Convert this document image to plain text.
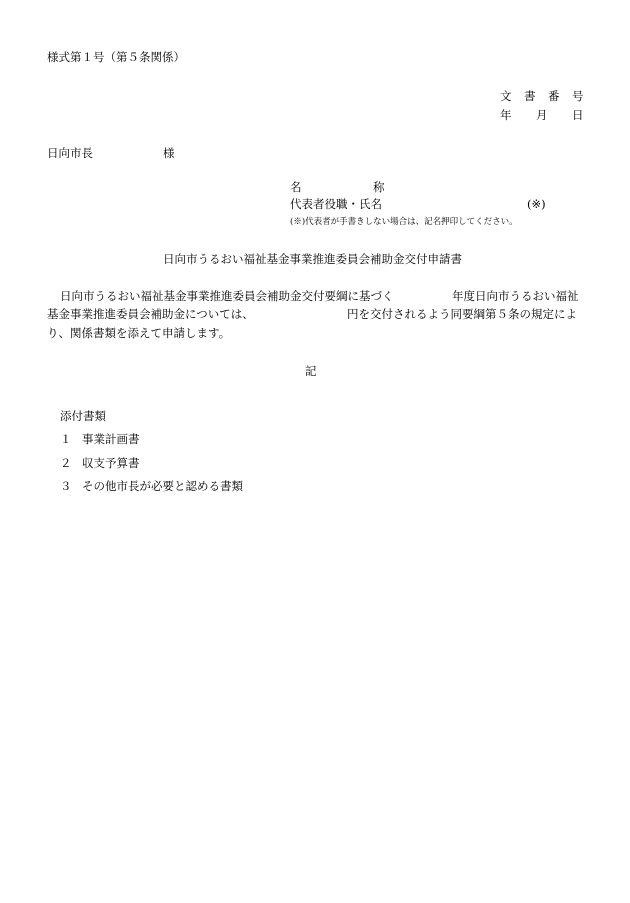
様式第１号（第５条関係）
文 書 番 号
年 月 日
日向市長	様
名	称
代表者役職・氏名	(※)
(※)代表者が手書きしない場合は、記名押印してください。
日向市うるおい福祉基金事業推進委員会補助金交付申請書
日向市うるおい福祉基金事業推進委員会補助金交付要綱に基づく	年度日向市うるおい福祉
基金事業推進委員会補助金については、	円を交付されるよう同要綱第５条の規定によ
り、関係書類を添えて申請します。
記
添付書類
１ 事業計画書
２ 収支予算書
３ その他市長が必要と認める書類
